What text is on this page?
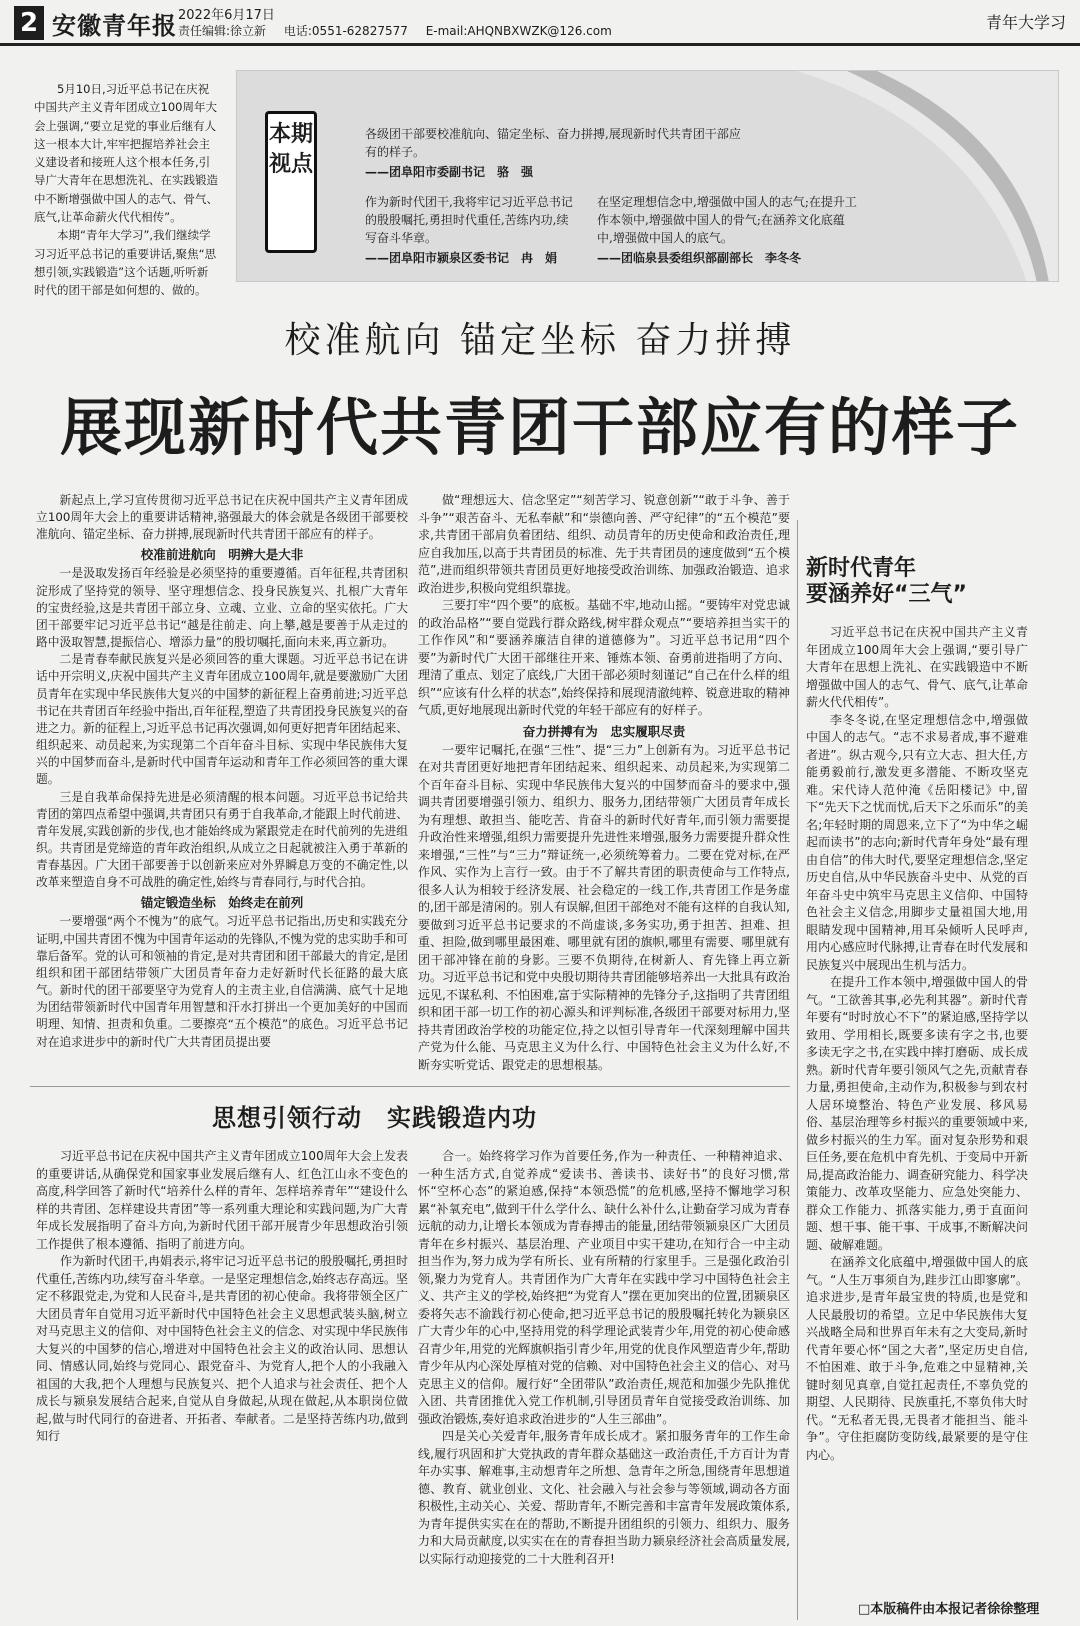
2 安徽青年报 2022年6月17日
责任编辑:徐立新 电话:0551-62827577 E-mail:AHQNBXWZK@126.com	青年大学习

5月10日,习近平总书记在庆祝中国共产主义青年团成立100周年大会上强调,“要立足党的事业后继有人这一根本大计,牢牢把握培养社会主义建设者和接班人这个根本任务,引导广大青年在思想洗礼、在实践锻造中不断增强做中国人的志气、骨气、底气,让革命薪火代代相传”。

本期“青年大学习”,我们继续学习习近平总书记的重要讲话,聚焦“思想引领,实践锻造”这个话题,听听新时代的团干部是如何想的、做的。

本期视点
各级团干部要校准航向、锚定坐标、奋力拼搏,展现新时代共青团干部应有的样子。
——团阜阳市委副书记　骆　强
作为新时代团干,我将牢记习近平总书记的殷殷嘱托,勇担时代重任,苦练内功,续写奋斗华章。
——团阜阳市颍泉区委书记　冉　娟
在坚定理想信念中,增强做中国人的志气;在提升工作本领中,增强做中国人的骨气;在涵养文化底蕴中,增强做中国人的底气。
——团临泉县委组织部副部长　李冬冬
校准航向 锚定坐标 奋力拼搏
展现新时代共青团干部应有的样子

新起点上,学习宣传贯彻习近平总书记在庆祝中国共产主义青年团成立100周年大会上的重要讲话精神,骆强最大的体会就是各级团干部要校准航向、锚定坐标、奋力拼搏,展现新时代共青团干部应有的样子。

校准前进航向　明辨大是大非

一是汲取发扬百年经验是必须坚持的重要遵循。百年征程,共青团积淀形成了坚持党的领导、坚守理想信念、投身民族复兴、扎根广大青年的宝贵经验,这是共青团干部立身、立魂、立业、立命的坚实依托。广大团干部要牢记习近平总书记“越是往前走、向上攀,越是要善于从走过的路中汲取智慧,提振信心、增添力量”的殷切嘱托,面向未来,再立新功。

二是青春奉献民族复兴是必须回答的重大课题。习近平总书记在讲话中开宗明义,庆祝中国共产主义青年团成立100周年,就是要激励广大团员青年在实现中华民族伟大复兴的中国梦的新征程上奋勇前进;习近平总书记在共青团百年经验中指出,百年征程,塑造了共青团投身民族复兴的奋进之力。新的征程上,习近平总书记再次强调,如何更好把青年团结起来、组织起来、动员起来,为实现第二个百年奋斗目标、实现中华民族伟大复兴的中国梦而奋斗,是新时代中国青年运动和青年工作必须回答的重大课题。

三是自我革命保持先进是必须清醒的根本问题。习近平总书记给共青团的第四点希望中强调,共青团只有勇于自我革命,才能跟上时代前进、青年发展,实践创新的步伐,也才能始终成为紧跟党走在时代前列的先进组织。共青团是党缔造的青年政治组织,从成立之日起就被注入勇于革新的青春基因。广大团干部要善于以创新来应对外界瞬息万变的不确定性,以改革来塑造自身不可战胜的确定性,始终与青春同行,与时代合拍。

锚定锻造坐标　始终走在前列

一要增强“两个不愧为”的底气。习近平总书记指出,历史和实践充分证明,中国共青团不愧为中国青年运动的先锋队,不愧为党的忠实助手和可靠后备军。党的认可和领袖的肯定,是对共青团和团干部最大的肯定,是团组织和团干部团结带领广大团员青年奋力走好新时代长征路的最大底气。新时代的团干部要坚守为党育人的主责主业,自信满满、底气十足地为团结带领新时代中国青年用智慧和汗水打拼出一个更加美好的中国而明理、知情、担责和负重。二要擦亮“五个模范”的底色。习近平总书记对在追求进步中的新时代广大共青团员提出要

做“理想远大、信念坚定”“刻苦学习、锐意创新”“敢于斗争、善于斗争”“艰苦奋斗、无私奉献”和“崇德向善、严守纪律”的“五个模范”要求,共青团干部肩负着团结、组织、动员青年的历史使命和政治责任,理应自我加压,以高于共青团员的标准、先于共青团员的速度做到“五个模范”,进而组织带领共青团员更好地接受政治训练、加强政治锻造、追求政治进步,积极向党组织靠拢。

三要打牢“四个要”的底板。基础不牢,地动山摇。“要铸牢对党忠诚的政治品格”“要自觉践行群众路线,树牢群众观点”“要培养担当实干的工作作风”和“要涵养廉洁自律的道德修为”。习近平总书记用“四个要”为新时代广大团干部继往开来、锤炼本领、奋勇前进指明了方向、理清了重点、划定了底线,广大团干部必须时刻谨记“自己在什么样的组织”“应该有什么样的状态”,始终保持和展现清澈纯粹、锐意进取的精神气质,更好地展现出新时代党的年轻干部应有的好样子。

奋力拼搏有为　忠实履职尽责

一要牢记嘱托,在强“三性”、提“三力”上创新有为。习近平总书记在对共青团更好地把青年团结起来、组织起来、动员起来,为实现第二个百年奋斗目标、实现中华民族伟大复兴的中国梦而奋斗的要求中,强调共青团要增强引领力、组织力、服务力,团结带领广大团员青年成长为有理想、敢担当、能吃苦、肯奋斗的新时代好青年,而引领力需要提升政治性来增强,组织力需要提升先进性来增强,服务力需要提升群众性来增强,“三性”与“三力”辩证统一,必须统筹着力。二要在党对标,在严作风、实作为上言行一致。由于不了解共青团的职责使命与工作特点,很多人认为相较于经济发展、社会稳定的一线工作,共青团工作是务虚的,团干部是清闲的。别人有误解,但团干部绝对不能有这样的自我认知,要做到习近平总书记要求的不尚虚谈,多务实功,勇于担苦、担难、担重、担险,做到哪里最困难、哪里就有团的旗帜,哪里有需要、哪里就有团干部冲锋在前的身影。三要不负期待,在树新人、育先锋上再立新功。习近平总书记和党中央殷切期待共青团能够培养出一大批具有政治远见,不谋私利、不怕困难,富于实际精神的先锋分子,这指明了共青团组织和团干部一切工作的初心源头和评判标准,各级团干部要对标用力,坚持共青团政治学校的功能定位,持之以恒引导青年一代深刻理解中国共产党为什么能、马克思主义为什么行、中国特色社会主义为什么好,不断夯实听党话、跟党走的思想根基。

新时代青年
要涵养好“三气”

习近平总书记在庆祝中国共产主义青年团成立100周年大会上强调,“要引导广大青年在思想上洗礼、在实践锻造中不断增强做中国人的志气、骨气、底气,让革命薪火代代相传”。

李冬冬说,在坚定理想信念中,增强做中国人的志气。“志不求易者成,事不避难者进”。纵古观今,只有立大志、担大任,方能勇毅前行,激发更多潜能、不断攻坚克难。宋代诗人范仲淹《岳阳楼记》中,留下“先天下之忧而忧,后天下之乐而乐”的美名;年轻时期的周恩来,立下了“为中华之崛起而读书”的志向;新时代青年身处“最有理由自信”的伟大时代,要坚定理想信念,坚定历史自信,从中华民族奋斗史中、从党的百年奋斗史中筑牢马克思主义信仰、中国特色社会主义信念,用脚步丈量祖国大地,用眼睛发现中国精神,用耳朵倾听人民呼声,用内心感应时代脉搏,让青春在时代发展和民族复兴中展现出生机与活力。

在提升工作本领中,增强做中国人的骨气。“工欲善其事,必先利其器”。新时代青年要有“时时放心不下”的紧迫感,坚持学以致用、学用相长,既要多读有字之书,也要多读无字之书,在实践中摔打磨砺、成长成熟。新时代青年要引领风气之先,贡献青春力量,勇担使命,主动作为,积极参与到农村人居环境整治、特色产业发展、移风易俗、基层治理等乡村振兴的重要领域中来,做乡村振兴的生力军。面对复杂形势和艰巨任务,要在危机中育先机、于变局中开新局,提高政治能力、调查研究能力、科学决策能力、改革攻坚能力、应急处突能力、群众工作能力、抓落实能力,勇于直面问题、想干事、能干事、干成事,不断解决问题、破解难题。

在涵养文化底蕴中,增强做中国人的底气。“人生万事须自为,跬步江山即寥廓”。追求进步,是青年最宝贵的特质,也是党和人民最殷切的希望。立足中华民族伟大复兴战略全局和世界百年未有之大变局,新时代青年要心怀“国之大者”,坚定历史自信,不怕困难、敢于斗争,危难之中显精神,关键时刻见真章,自觉扛起责任,不辜负党的期望、人民期待、民族重托,不辜负伟大时代。“无私者无畏,无畏者才能担当、能斗争”。守住拒腐防变防线,最紧要的是守住内心。

思想引领行动　实践锻造内功

习近平总书记在庆祝中国共产主义青年团成立100周年大会上发表的重要讲话,从确保党和国家事业发展后继有人、红色江山永不变色的高度,科学回答了新时代“培养什么样的青年、怎样培养青年”“建设什么样的共青团、怎样建设共青团”等一系列重大理论和实践问题,为广大青年成长发展指明了奋斗方向,为新时代团干部开展青少年思想政治引领工作提供了根本遵循、指明了前进方向。

作为新时代团干,冉娟表示,将牢记习近平总书记的殷殷嘱托,勇担时代重任,苦练内功,续写奋斗华章。一是坚定理想信念,始终志存高远。坚定不移跟党走,为党和人民奋斗,是共青团的初心使命。我将带领全区广大团员青年自觉用习近平新时代中国特色社会主义思想武装头脑,树立对马克思主义的信仰、对中国特色社会主义的信念、对实现中华民族伟大复兴的中国梦的信心,增进对中国特色社会主义的政治认同、思想认同、情感认同,始终与党同心、跟党奋斗、为党育人,把个人的小我融入祖国的大我,把个人理想与民族复兴、把个人追求与社会责任、把个人成长与颍泉发展结合起来,自觉从自身做起,从现在做起,从本职岗位做起,做与时代同行的奋进者、开拓者、奉献者。二是坚持苦练内功,做到知行

合一。始终将学习作为首要任务,作为一种责任、一种精神追求、一种生活方式,自觉养成“爱读书、善读书、读好书”的良好习惯,常怀“空杯心态”的紧迫感,保持“本领恐慌”的危机感,坚持不懈地学习积累“补氧充电”,做到干什么学什么、缺什么补什么,让勤奋学习成为青春远航的动力,让增长本领成为青春搏击的能量,团结带领颍泉区广大团员青年在乡村振兴、基层治理、产业项目中实干建功,在知行合一中主动担当作为,努力成为学有所长、业有所精的行家里手。三是强化政治引领,聚力为党育人。共青团作为广大青年在实践中学习中国特色社会主义、共产主义的学校,始终把“为党育人”摆在更加突出的位置,团颍泉区委将矢志不渝践行初心使命,把习近平总书记的殷殷嘱托转化为颍泉区广大青少年的心中,坚持用党的科学理论武装青少年,用党的初心使命感召青少年,用党的光辉旗帜指引青少年,用党的优良作风塑造青少年,帮助青少年从内心深处厚植对党的信赖、对中国特色社会主义的信心、对马克思主义的信仰。履行好“全团带队”政治责任,规范和加强少先队推优入团、共青团推优入党工作机制,引导团员青年自觉接受政治训练、加强政治锻炼,奏好追求政治进步的“人生三部曲”。

四是关心关爱青年,服务青年成长成才。紧扣服务青年的工作生命线,履行巩固和扩大党执政的青年群众基础这一政治责任,千方百计为青年办实事、解难事,主动想青年之所想、急青年之所急,围绕青年思想道德、教育、就业创业、文化、社会融入与社会参与等领域,调动各方面积极性,主动关心、关爱、帮助青年,不断完善和丰富青年发展政策体系,为青年提供实实在在的帮助,不断提升团组织的引领力、组织力、服务力和大局贡献度,以实实在在的青春担当助力颍泉经济社会高质量发展,以实际行动迎接党的二十大胜利召开!

□本版稿件由本报记者徐徐整理
